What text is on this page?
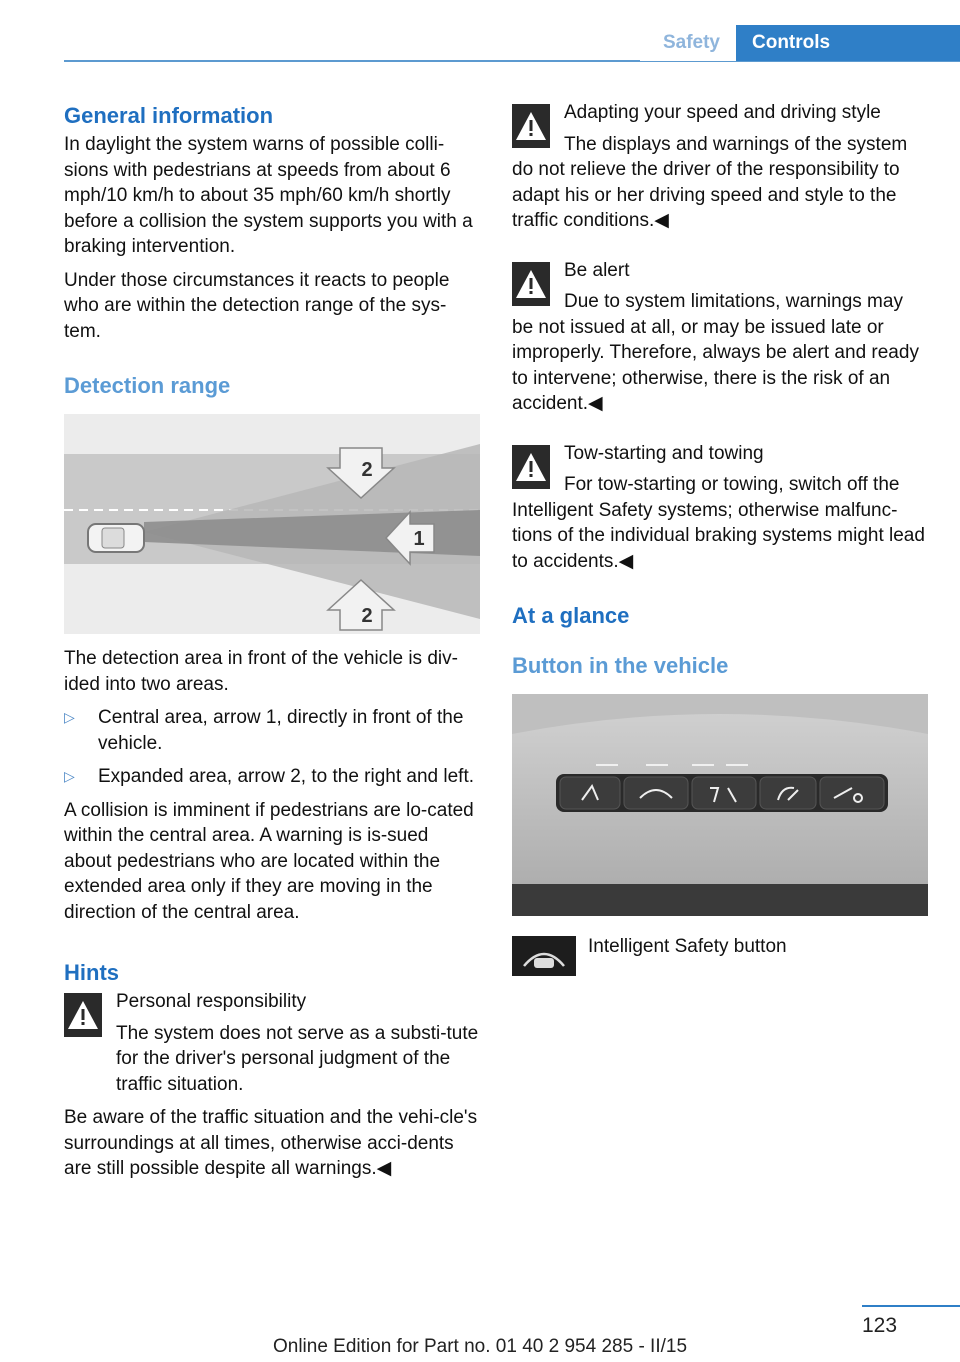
Safety	Controls
General information

In daylight the system warns of possible colli-sions with pedestrians at speeds from about 6 mph/10 km/h to about 35 mph/60 km/h shortly before a collision the system supports you with a braking intervention.

Under those circumstances it reacts to people who are within the detection range of the sys-tem.

Detection range
2
1
2

The detection area in front of the vehicle is div-ided into two areas.

▷ Central area, arrow 1, directly in front of the vehicle.

▷ Expanded area, arrow 2, to the right and left.

A collision is imminent if pedestrians are lo-cated within the central area. A warning is is-sued about pedestrians who are located within the extended area only if they are moving in the direction of the central area.

Hints

Personal responsibility

The system does not serve as a substi-tute for the driver's personal judgment of the traffic situation.

Be aware of the traffic situation and the vehi-cle's surroundings at all times, otherwise acci-dents are still possible despite all warnings.◀

Adapting your speed and driving style

The displays and warnings of the system do not relieve the driver of the responsibility to adapt his or her driving speed and style to the traffic conditions.◀

Be alert

Due to system limitations, warnings may be not issued at all, or may be issued late or improperly. Therefore, always be alert and ready to intervene; otherwise, there is the risk of an accident.◀

Tow-starting and towing

For tow-starting or towing, switch off the Intelligent Safety systems; otherwise malfunc-tions of the individual braking systems might lead to accidents.◀

At a glance
Button in the vehicle

Intelligent Safety button

123
Online Edition for Part no. 01 40 2 954 285 - II/15
